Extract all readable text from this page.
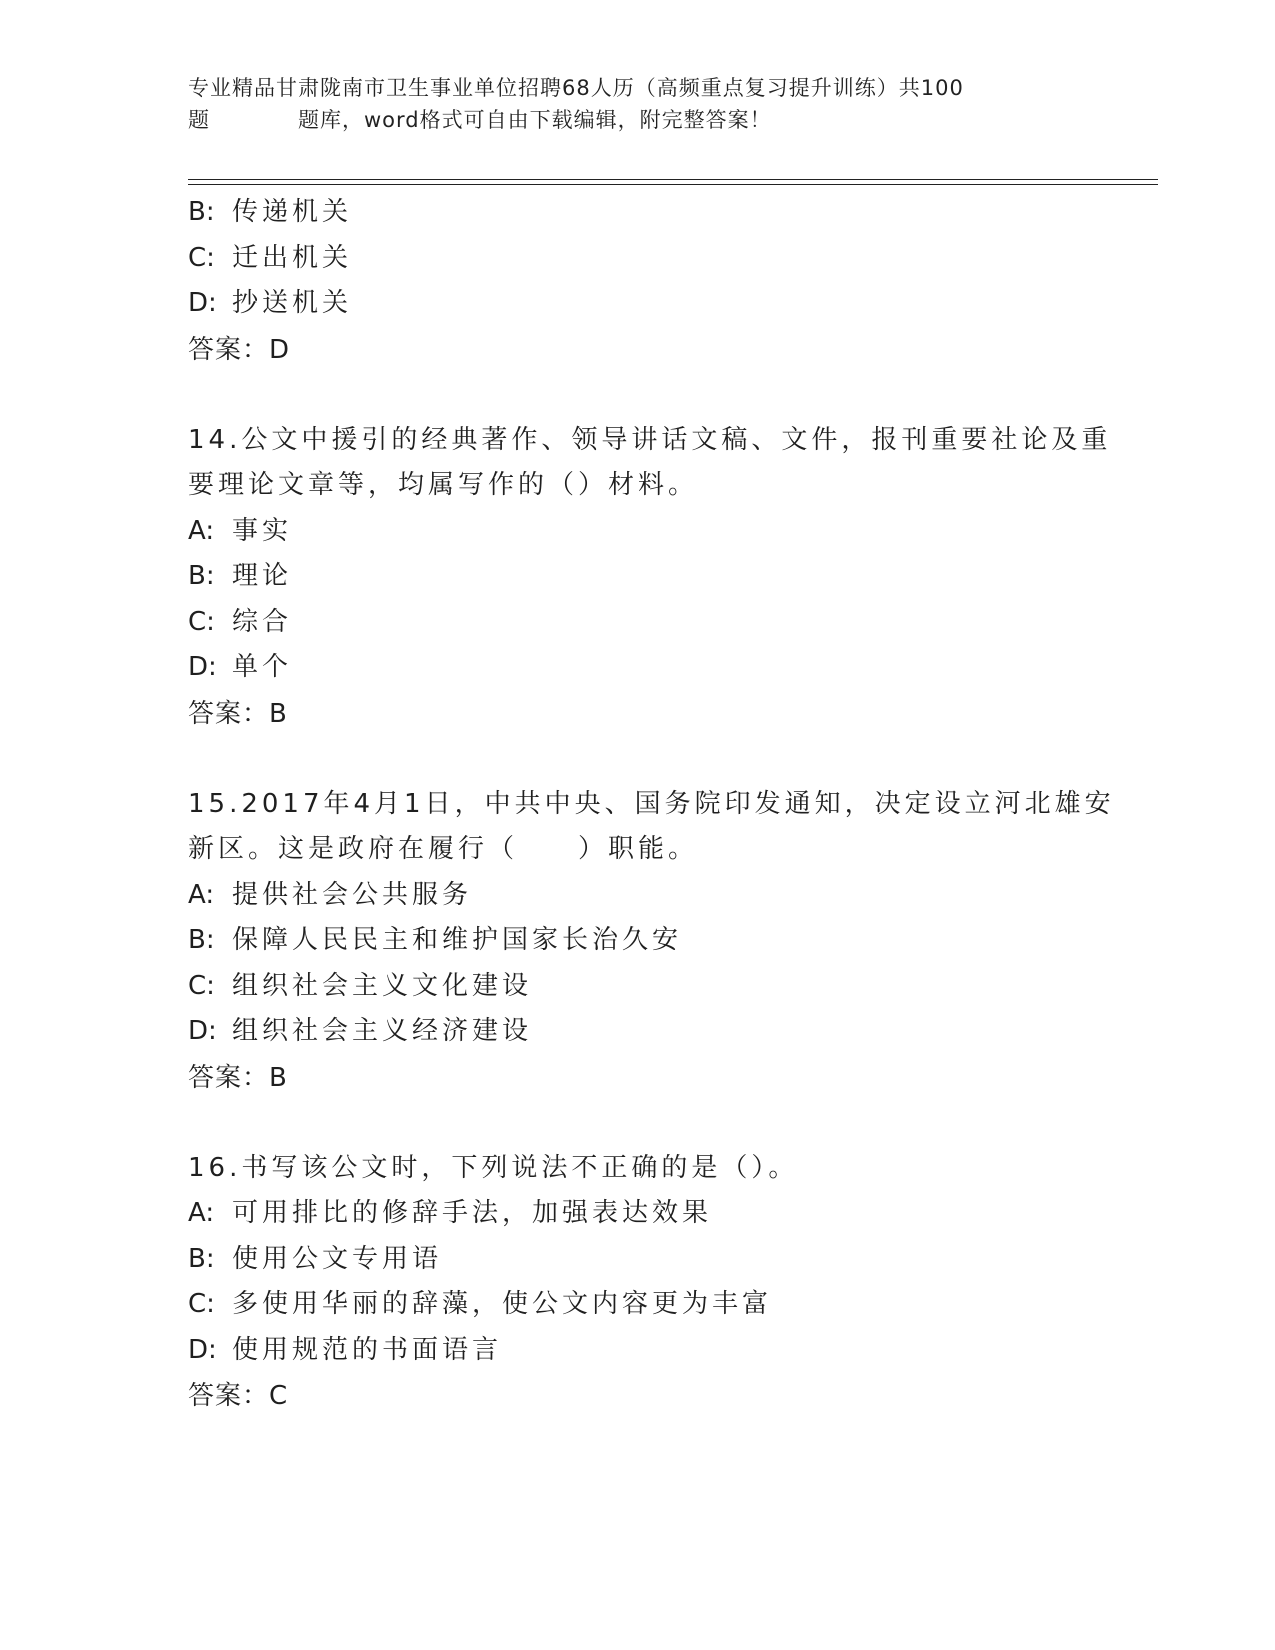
专业精品甘肃陇南市卫生事业单位招聘68人历（高频重点复习提升训练）共100
题	题库，word格式可自由下载编辑，附完整答案！
B: 传递机关
C: 迁出机关
D: 抄送机关
答案：D
14.公文中援引的经典著作、领导讲话文稿、文件，报刊重要社论及重
要理论文章等，均属写作的（）材料。
A: 事实
B: 理论
C: 综合
D: 单个
答案：B
15.2017年4月1日，中共中央、国务院印发通知，决定设立河北雄安
新区。这是政府在履行（　　）职能。
A: 提供社会公共服务
B: 保障人民民主和维护国家长治久安
C: 组织社会主义文化建设
D: 组织社会主义经济建设
答案：B
16.书写该公文时，下列说法不正确的是（）。
A: 可用排比的修辞手法，加强表达效果
B: 使用公文专用语
C: 多使用华丽的辞藻，使公文内容更为丰富
D: 使用规范的书面语言
答案：C
